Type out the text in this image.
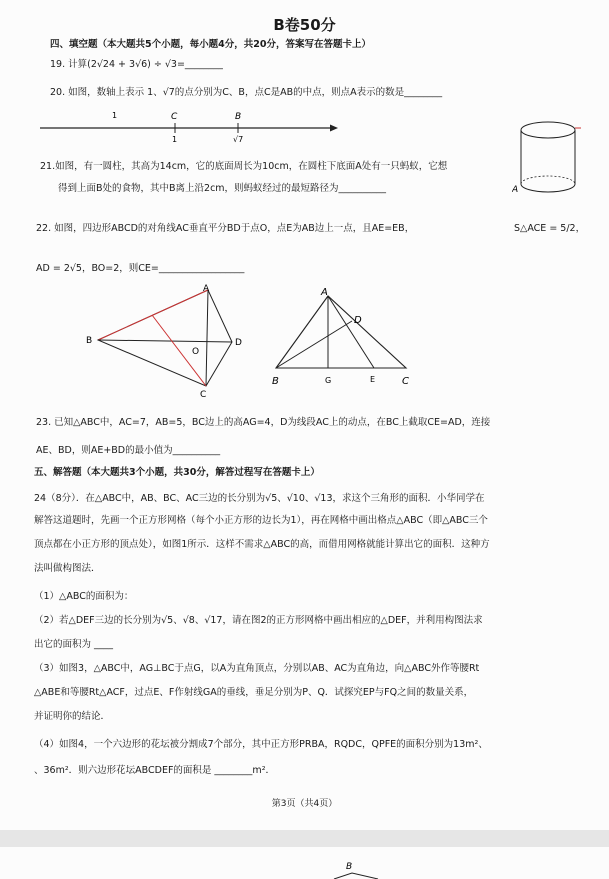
B卷50分
四、填空题（本大题共5个小题，每小题4分，共20分，答案写在答题卡上）
19. 计算(2√24 + 3√6) ÷ √3=________
20. 如图，数轴上表示 1、√7的点分别为C、B，点C是AB的中点，则点A表示的数是________
1	C
1
B
√7
A
21.如图，有一圆柱，其高为14cm，它的底面周长为10cm，在圆柱下底面A处有一只蚂蚁，它想
得到上面B处的食物，其中B离上沿2cm，则蚂蚁经过的最短路径为__________
22. 如图，四边形ABCD的对角线AC垂直平分BD于点O，点E为AB边上一点，且AE=EB，	S△ACE = 5/2，
AD = 2√5，BO=2，则CE=__________________
A
B
C
D
O
A
B	C
D
E
G
23. 已知△ABC中，AC=7，AB=5，BC边上的高AG=4，D为线段AC上的动点，在BC上截取CE=AD，连接
AE、BD，则AE+BD的最小值为__________
五、解答题（本大题共3个小题，共30分，解答过程写在答题卡上）
24（8分）．在△ABC中，AB、BC、AC三边的长分别为√5、√10、√13，求这个三角形的面积．小华同学在
解答这道题时，先画一个正方形网格（每个小正方形的边长为1），再在网格中画出格点△ABC（即△ABC三个
顶点都在小正方形的顶点处），如图1所示．这样不需求△ABC的高，而借用网格就能计算出它的面积．这种方
法叫做构图法．
（1）△ABC的面积为：
（2）若△DEF三边的长分别为√5、√8、√17，请在图2的正方形网格中画出相应的△DEF，并利用构图法求
出它的面积为 ____
（3）如图3，△ABC中，AG⊥BC于点G，以A为直角顶点，分别以AB、AC为直角边，向△ABC外作等腰Rt
△ABE和等腰Rt△ACF，过点E、F作射线GA的垂线，垂足分别为P、Q．试探究EP与FQ之间的数量关系，
并证明你的结论．
（4）如图4，一个六边形的花坛被分割成7个部分，其中正方形PRBA，RQDC，QPFE的面积分别为13m²、
、36m²．则六边形花坛ABCDEF的面积是 ________m²．
第3页（共4页）
B
